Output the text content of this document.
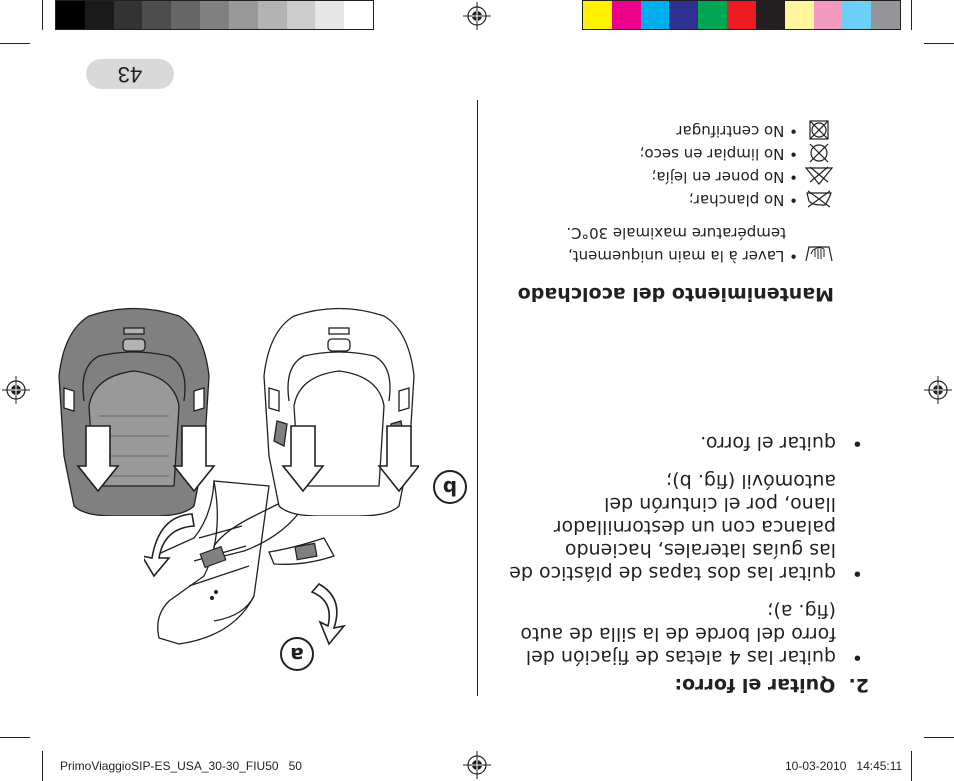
PrimoViaggioSIP-ES_USA_30-30_FIU50 50	10-03-2010 14:45:11
2.  Quitar el forro:
•
quitar las 4 aletas de fijación del forro del borde de la silla de auto (fig. a);
•
quitar las dos tapas de plástico de las guías laterales, haciendo palanca con un destornillador llano, por el cinturón del automóvil (fig. b);
•
quitar el forro.
Mantenimiento del acolchado
•
Laver à la main uniquement,
température maximale 30°C.
•
No planchar;
•
No poner en lejía;
•
No limpiar en seco;
•
No centrifugar
43
a
b
